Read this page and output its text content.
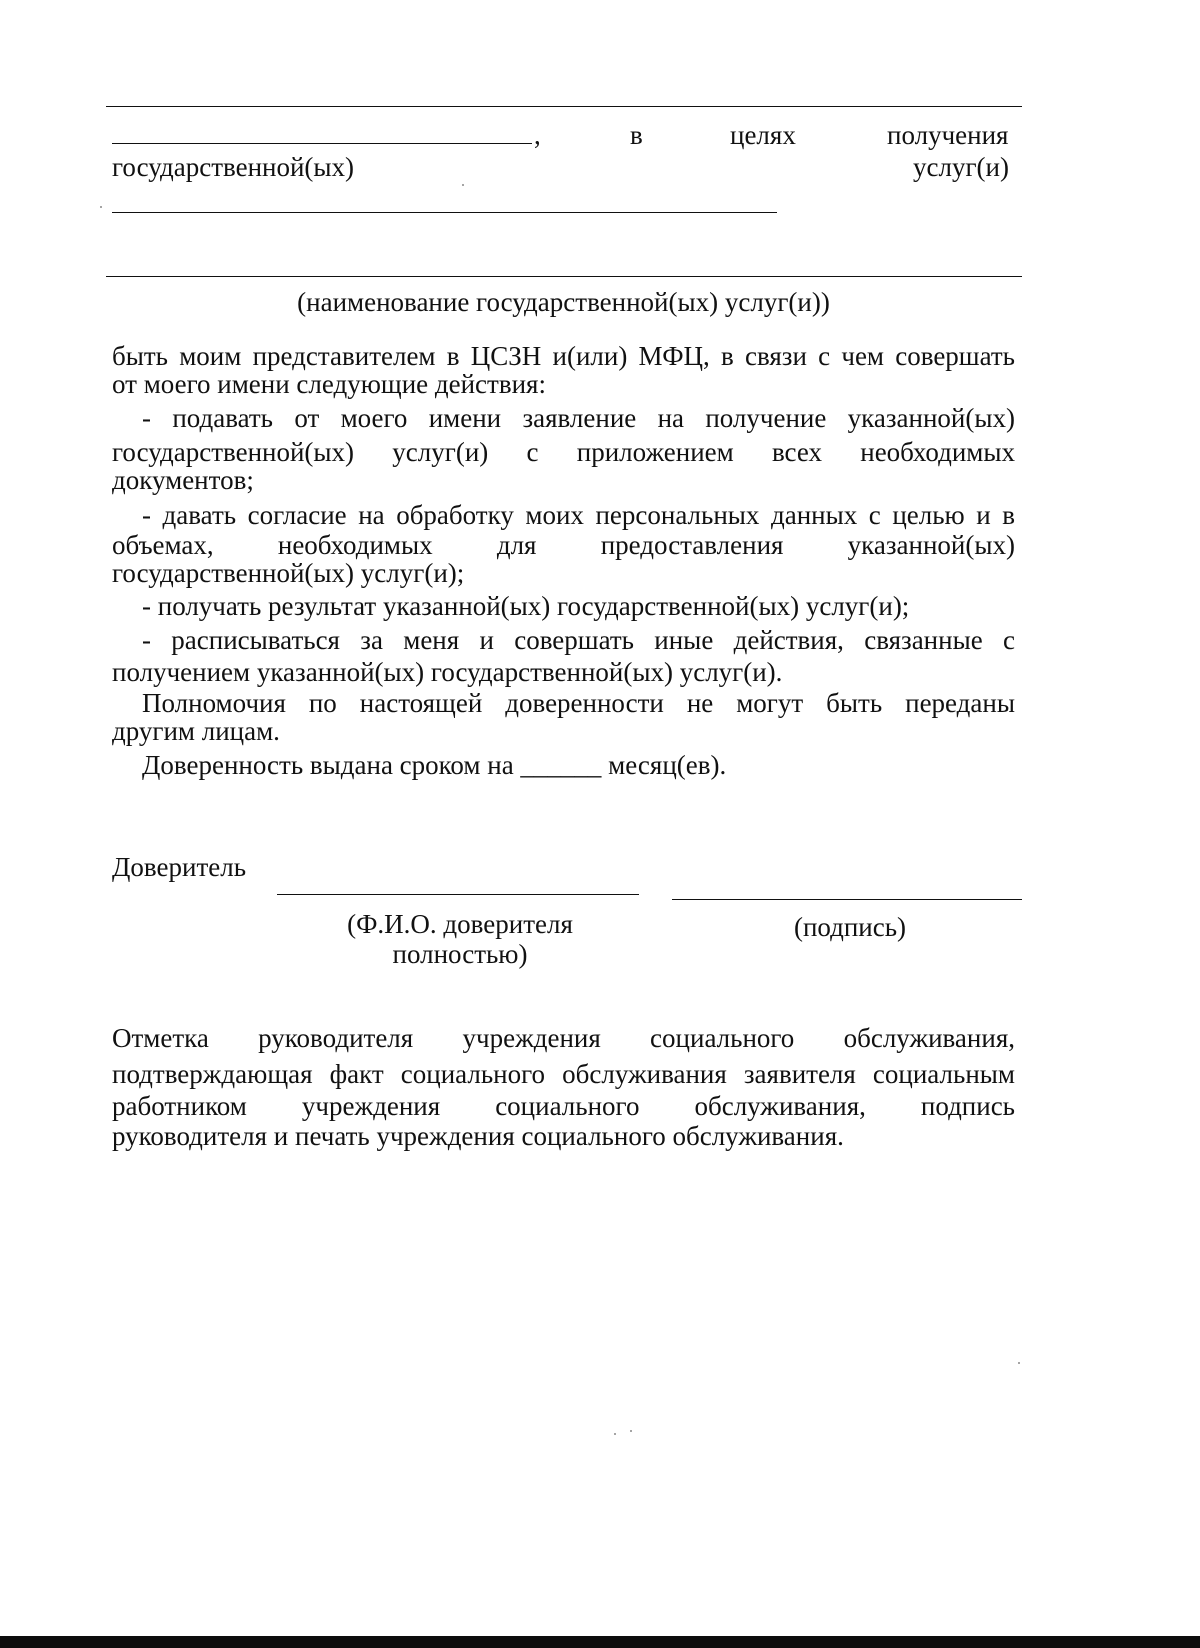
,	в	целях	получения
государственной(ых)	услуг(и)
(наименование государственной(ых) услуг(и))
быть моим представителем в ЦСЗН и(или) МФЦ, в связи с чем совершать
от моего имени следующие действия:
- подавать от моего имени заявление на получение указанной(ых)
государственной(ых) услуг(и) с приложением всех необходимых
документов;
- давать согласие на обработку моих персональных данных с целью и в
объемах, необходимых для предоставления указанной(ых)
государственной(ых) услуг(и);
- получать результат указанной(ых) государственной(ых) услуг(и);
- расписываться за меня и совершать иные действия, связанные с
получением указанной(ых) государственной(ых) услуг(и).
Полномочия по настоящей доверенности не могут быть переданы
другим лицам.
Доверенность выдана сроком на ______ месяц(ев).
Доверитель
(Ф.И.О. доверителя
полностью)
(подпись)
Отметка руководителя учреждения социального обслуживания,
подтверждающая факт социального обслуживания заявителя социальным
работником учреждения социального обслуживания, подпись
руководителя и печать учреждения социального обслуживания.
